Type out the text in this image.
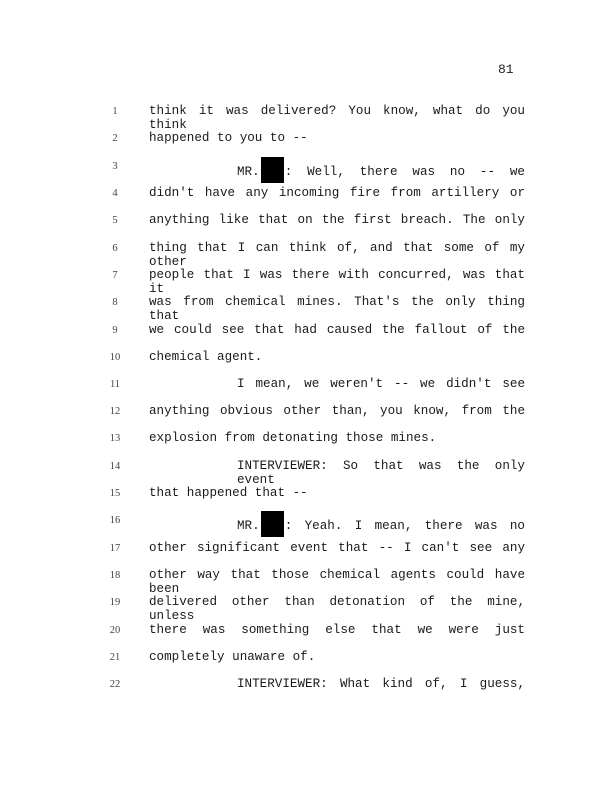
81
1	think it was delivered? You know, what do you think
2	happened to you to --
3	MR. : Well, there was no -- we
4	didn't have any incoming fire from artillery or
5	anything like that on the first breach. The only
6	thing that I can think of, and that some of my other
7	people that I was there with concurred, was that it
8	was from chemical mines. That's the only thing that
9	we could see that had caused the fallout of the
10	chemical agent.
11	I mean, we weren't -- we didn't see
12	anything obvious other than, you know, from the
13	explosion from detonating those mines.
14	INTERVIEWER: So that was the only event
15	that happened that --
16	MR. : Yeah. I mean, there was no
17	other significant event that -- I can't see any
18	other way that those chemical agents could have been
19	delivered other than detonation of the mine, unless
20	there was something else that we were just
21	completely unaware of.
22	INTERVIEWER: What kind of, I guess,
